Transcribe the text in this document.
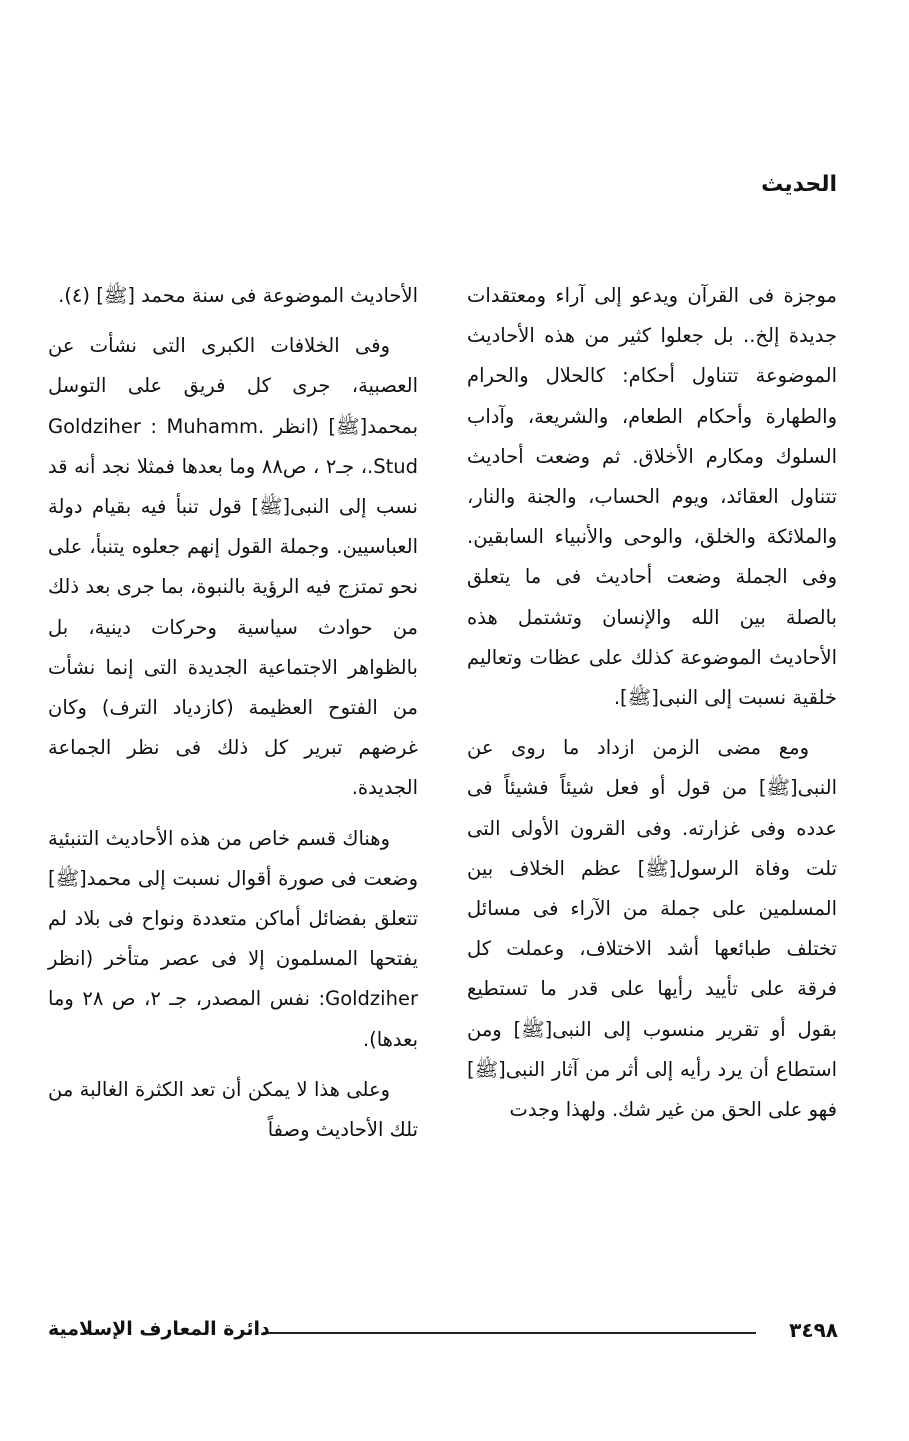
الحديث

موجزة فى القرآن ويدعو إلى آراء ومعتقدات جديدة إلخ.. بل جعلوا كثير من هذه الأحاديث الموضوعة تتناول أحكام: كالحلال والحرام والطهارة وأحكام الطعام، والشريعة، وآداب السلوك ومكارم الأخلاق. ثم وضعت أحاديث تتناول العقائد، ويوم الحساب، والجنة والنار، والملائكة والخلق، والوحى والأنبياء السابقين. وفى الجملة وضعت أحاديث فى ما يتعلق بالصلة بين الله والإنسان وتشتمل هذه الأحاديث الموضوعة كذلك على عظات وتعاليم خلقية نسبت إلى النبى[ﷺ].

ومع مضى الزمن ازداد ما روى عن النبى[ﷺ] من قول أو فعل شيئاً فشيئاً فى عدده وفى غزارته. وفى القرون الأولى التى تلت وفاة الرسول[ﷺ] عظم الخلاف بين المسلمين على جملة من الآراء فى مسائل تختلف طبائعها أشد الاختلاف، وعملت كل فرقة على تأييد رأيها على قدر ما تستطيع بقول أو تقرير منسوب إلى النبى[ﷺ] ومن استطاع أن يرد رأيه إلى أثر من آثار النبى[ﷺ] فهو على الحق من غير شك. ولهذا وجدت

الأحاديث الموضوعة فى سنة محمد [ﷺ] (٤).

وفى الخلافات الكبرى التى نشأت عن العصبية، جرى كل فريق على التوسل بمحمد[ﷺ] (انظر Goldziher : Muhamm. Stud.، جـ٢ ، ص٨٨ وما بعدها فمثلا نجد أنه قد نسب إلى النبى[ﷺ] قول تنبأ فيه بقيام دولة العباسيين. وجملة القول إنهم جعلوه يتنبأ، على نحو تمتزج فيه الرؤية بالنبوة، بما جرى بعد ذلك من حوادث سياسية وحركات دينية، بل بالظواهر الاجتماعية الجديدة التى إنما نشأت من الفتوح العظيمة (كازدياد الترف) وكان غرضهم تبرير كل ذلك فى نظر الجماعة الجديدة.

وهناك قسم خاص من هذه الأحاديث التنبئية وضعت فى صورة أقوال نسبت إلى محمد[ﷺ] تتعلق بفضائل أماكن متعددة ونواح فى بلاد لم يفتحها المسلمون إلا فى عصر متأخر (انظر Goldziher: نفس المصدر، جـ ٢، ص ٢٨ وما بعدها).

وعلى هذا لا يمكن أن تعد الكثرة الغالبة من تلك الأحاديث وصفاً

٣٤٩٨
دائرة المعارف الإسلامية
